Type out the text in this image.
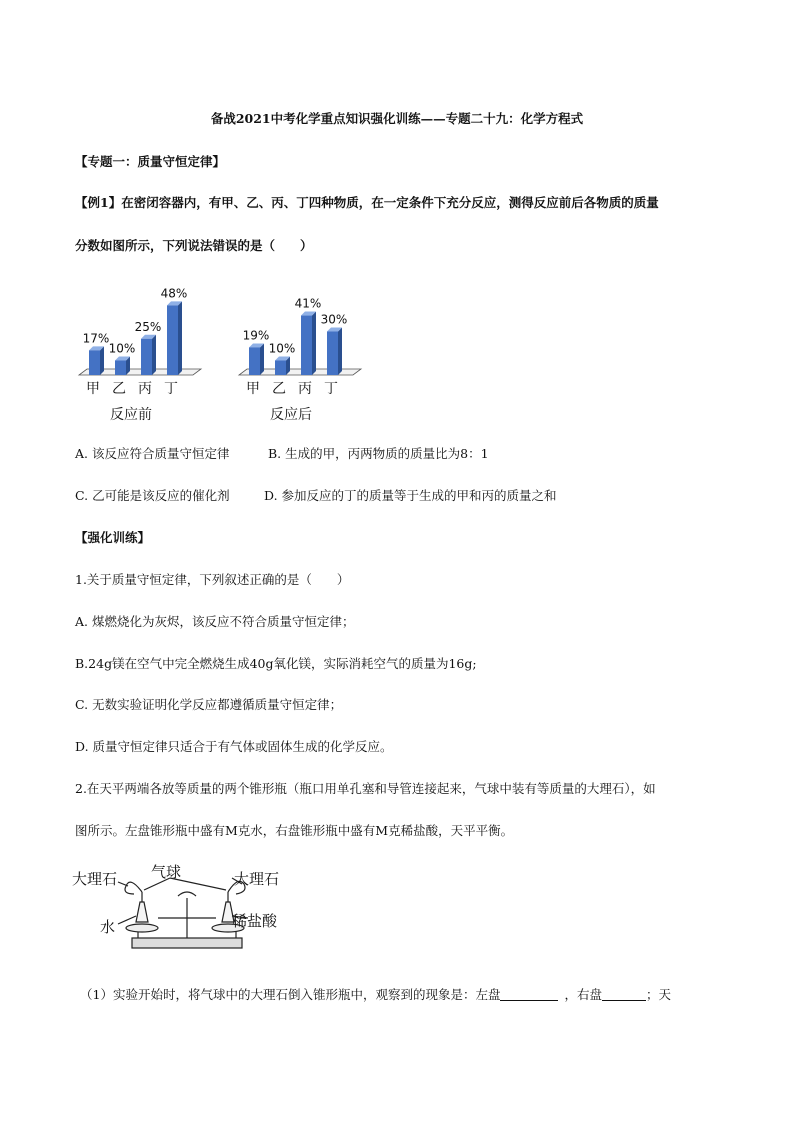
备战2021中考化学重点知识强化训练——专题二十九：化学方程式
【专题一：质量守恒定律】
【例1】在密闭容器内，有甲、乙、丙、丁四种物质，在一定条件下充分反应，测得反应前后各物质的质量
分数如图所示，下列说法错误的是（　　）
17%
甲
10%
乙
25%
丙
48%
丁
反应前
19%
甲
10%
乙
41%
丙
30%
丁
反应后
A. 该反应符合质量守恒定律	B. 生成的甲，丙两物质的质量比为8：1
C. 乙可能是该反应的催化剂	D. 参加反应的丁的质量等于生成的甲和丙的质量之和
【强化训练】
1.关于质量守恒定律，下列叙述正确的是（　　）
A. 煤燃烧化为灰烬，该反应不符合质量守恒定律；
B.24g镁在空气中完全燃烧生成40g氧化镁，实际消耗空气的质量为16g;
C. 无数实验证明化学反应都遵循质量守恒定律；
D. 质量守恒定律只适合于有气体或固体生成的化学反应。
2.在天平两端各放等质量的两个锥形瓶（瓶口用单孔塞和导管连接起来，气球中装有等质量的大理石），如
图所示。左盘锥形瓶中盛有M克水，右盘锥形瓶中盛有M克稀盐酸，天平平衡。
大理石 气球	大理石
水	稀盐酸
（1）实验开始时，将气球中的大理石倒入锥形瓶中，观察到的现象是：左盘	，右盘	；天
